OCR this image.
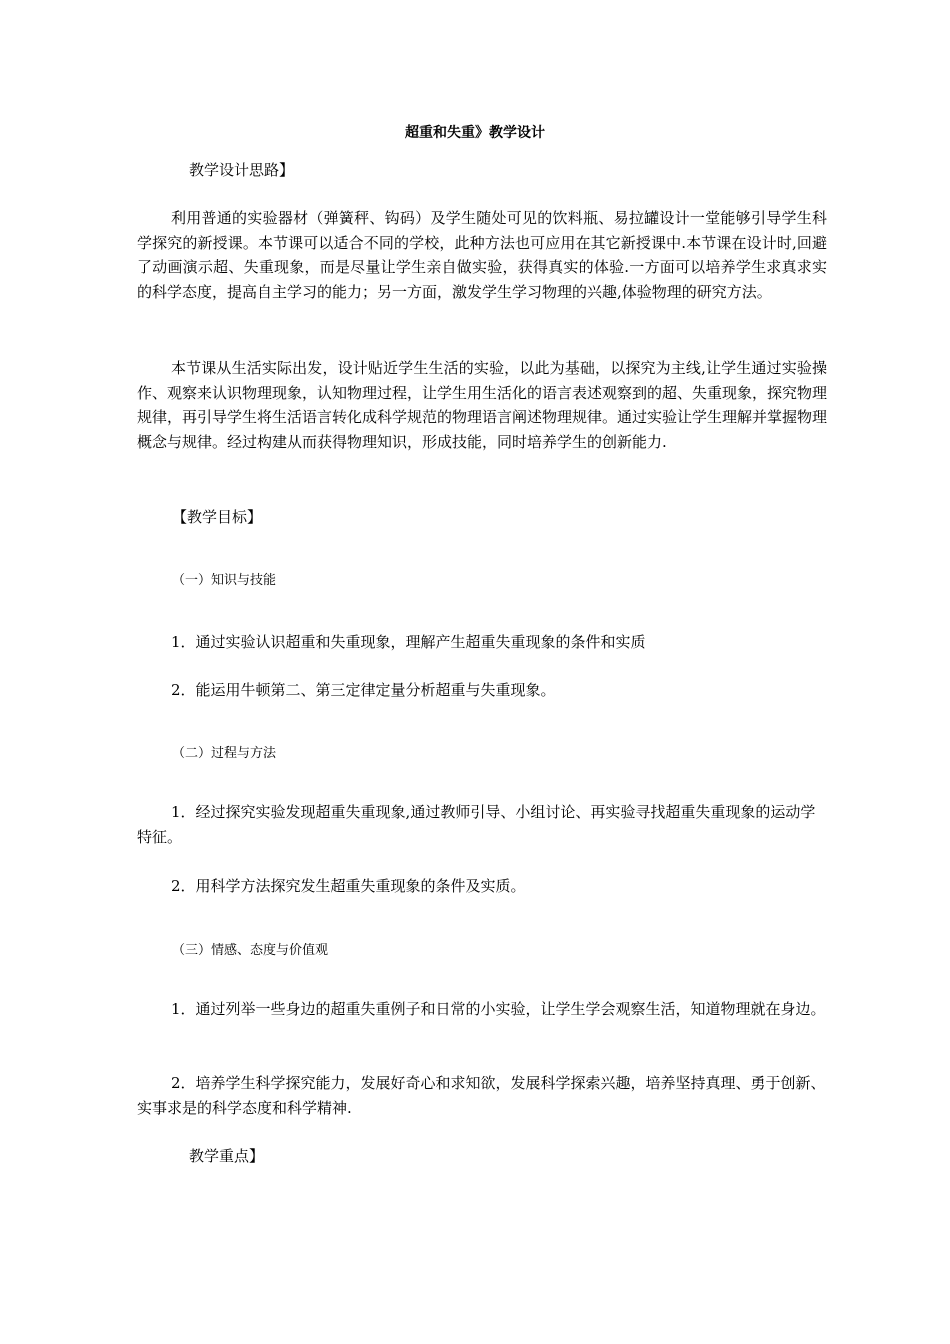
超重和失重》教学设计
教学设计思路】
利用普通的实验器材（弹簧秤、钩码）及学生随处可见的饮料瓶、易拉罐设计一堂能够引导学生科学探究的新授课。本节课可以适合不同的学校，此种方法也可应用在其它新授课中.本节课在设计时,回避了动画演示超、失重现象，而是尽量让学生亲自做实验，获得真实的体验.一方面可以培养学生求真求实的科学态度，提高自主学习的能力；另一方面，激发学生学习物理的兴趣,体验物理的研究方法。
本节课从生活实际出发，设计贴近学生生活的实验，以此为基础，以探究为主线,让学生通过实验操作、观察来认识物理现象，认知物理过程，让学生用生活化的语言表述观察到的超、失重现象，探究物理规律，再引导学生将生活语言转化成科学规范的物理语言阐述物理规律。通过实验让学生理解并掌握物理概念与规律。经过构建从而获得物理知识，形成技能，同时培养学生的创新能力.
【教学目标】
（一）知识与技能
1．通过实验认识超重和失重现象，理解产生超重失重现象的条件和实质
2．能运用牛顿第二、第三定律定量分析超重与失重现象。
（二）过程与方法
1．经过探究实验发现超重失重现象,通过教师引导、小组讨论、再实验寻找超重失重现象的运动学特征。
2．用科学方法探究发生超重失重现象的条件及实质。
（三）情感、态度与价值观
1．通过列举一些身边的超重失重例子和日常的小实验，让学生学会观察生活，知道物理就在身边。
2．培养学生科学探究能力，发展好奇心和求知欲，发展科学探索兴趣，培养坚持真理、勇于创新、实事求是的科学态度和科学精神.
教学重点】
